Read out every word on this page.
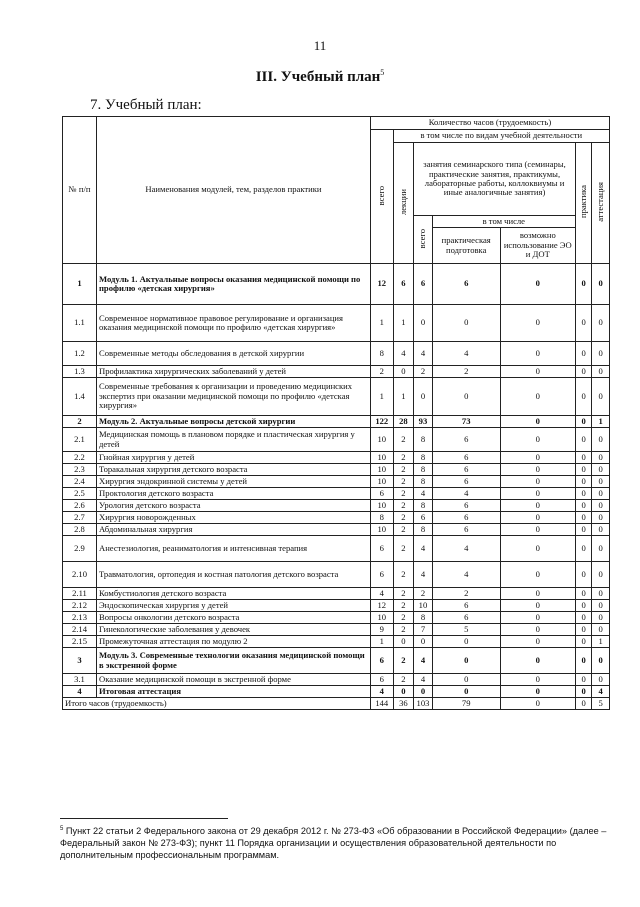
11
III. Учебный план$^5$
7. Учебный план:
№ п/п	Наименования модулей, тем, разделов практики	Количество часов (трудоемкость)						
		всего	в том числе по видам учебной деятельности					
			лекции	занятия семинарского типа (семинары, практические занятия, практикумы, лабораторные работы, коллоквиумы и иные аналогичные занятия)			практика	аттестация
				всего	в том числе			
					практическая подготовка	возможно использование ЭО и ДОТ		
1	Модуль 1. Актуальные вопросы оказания медицинской помощи по профилю «детская хирургия»	12	6	6	6	0	0	0
1.1	Современное нормативное правовое регулирование и организация оказания медицинской помощи по профилю «детская хирургия»	1	1	0	0	0	0	0
1.2	Современные методы обследования в детской хирургии	8	4	4	4	0	0	0
1.3	Профилактика хирургических заболеваний у детей	2	0	2	2	0	0	0
1.4	Современные требования к организации и проведению медицинских экспертиз при оказании медицинской помощи по профилю «детская хирургия»	1	1	0	0	0	0	0
2	Модуль 2. Актуальные вопросы детской хирургии	122	28	93	73	0	0	1
2.1	Медицинская помощь в плановом порядке и пластическая хирургия у детей	10	2	8	6	0	0	0
2.2	Гнойная хирургия у детей	10	2	8	6	0	0	0
2.3	Торакальная хирургия детского возраста	10	2	8	6	0	0	0
2.4	Хирургия эндокринной системы у детей	10	2	8	6	0	0	0
2.5	Проктология детского возраста	6	2	4	4	0	0	0
2.6	Урология детского возраста	10	2	8	6	0	0	0
2.7	Хирургия новорожденных	8	2	6	6	0	0	0
2.8	Абдоминальная хирургия	10	2	8	6	0	0	0
2.9	Анестезиология, реаниматология и интенсивная терапия	6	2	4	4	0	0	0
2.10	Травматология, ортопедия и костная патология детского возраста	6	2	4	4	0	0	0
2.11	Комбустиология детского возраста	4	2	2	2	0	0	0
2.12	Эндоскопическая хирургия у детей	12	2	10	6	0	0	0
2.13	Вопросы онкологии детского возраста	10	2	8	6	0	0	0
2.14	Гинекологические заболевания у девочек	9	2	7	5	0	0	0
2.15	Промежуточная аттестация по модулю 2	1	0	0	0	0	0	1
3	Модуль 3. Современные технологии оказания медицинской помощи в экстренной форме	6	2	4	0	0	0	0
3.1	Оказание медицинской помощи в экстренной форме	6	2	4	0	0	0	0
4	Итоговая аттестация	4	0	0	0	0	0	4
Итого часов (трудоемкость)		144	36	103	79	0	0	5
$^5$ Пункт 22 статьи 2 Федерального закона от 29 декабря 2012 г. № 273-ФЗ «Об образовании в Российской Федерации» (далее – Федеральный закон № 273-ФЗ); пункт 11 Порядка организации и осуществления образовательной деятельности по дополнительным профессиональным программам.
